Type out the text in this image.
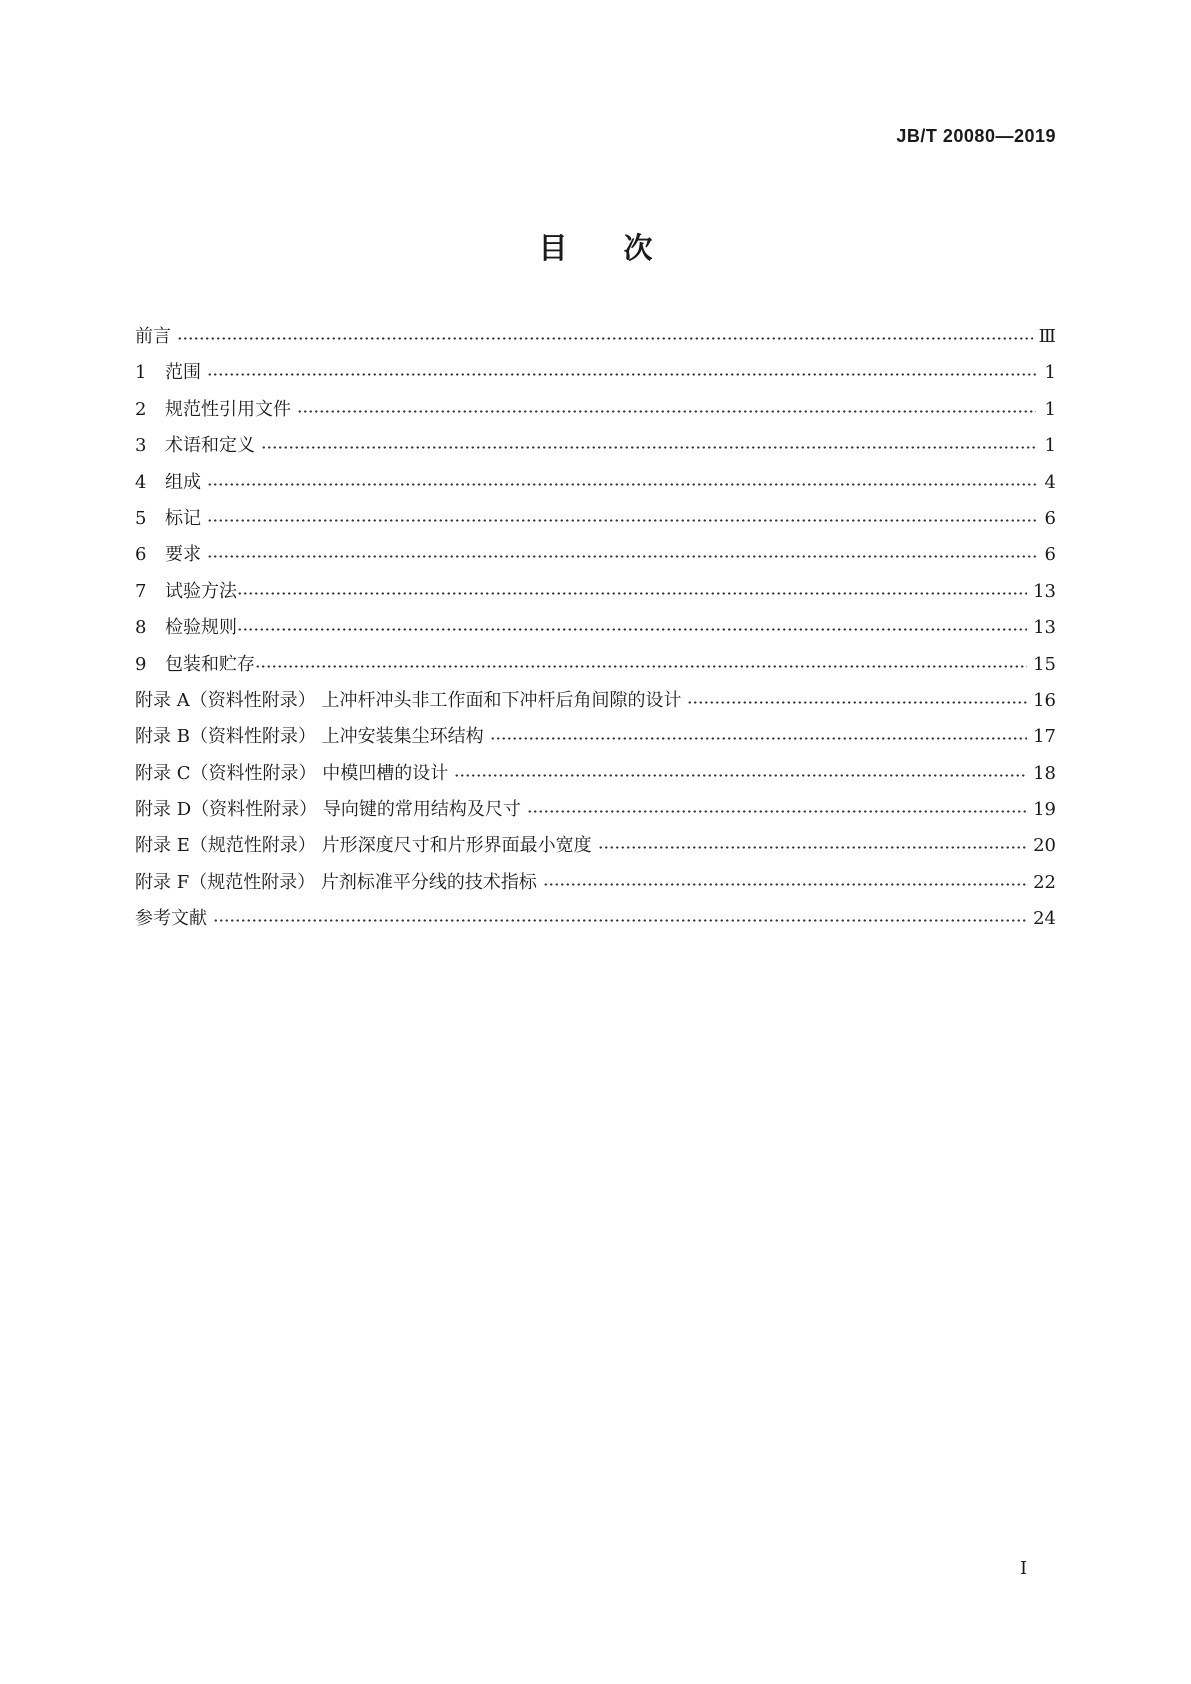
JB/T 20080—2019
目 次
前言	Ⅲ
1	范围	1
2	规范性引用文件	1
3	术语和定义	1
4	组成	4
5	标记	6
6	要求	6
7	试验方法	13
8	检验规则	13
9	包装和贮存	15
附录 A（资料性附录） 上冲杆冲头非工作面和下冲杆后角间隙的设计	16
附录 B（资料性附录） 上冲安装集尘环结构	17
附录 C（资料性附录） 中模凹槽的设计	18
附录 D（资料性附录） 导向键的常用结构及尺寸	19
附录 E（规范性附录） 片形深度尺寸和片形界面最小宽度	20
附录 F（规范性附录） 片剂标准平分线的技术指标	22
参考文献	24
I
